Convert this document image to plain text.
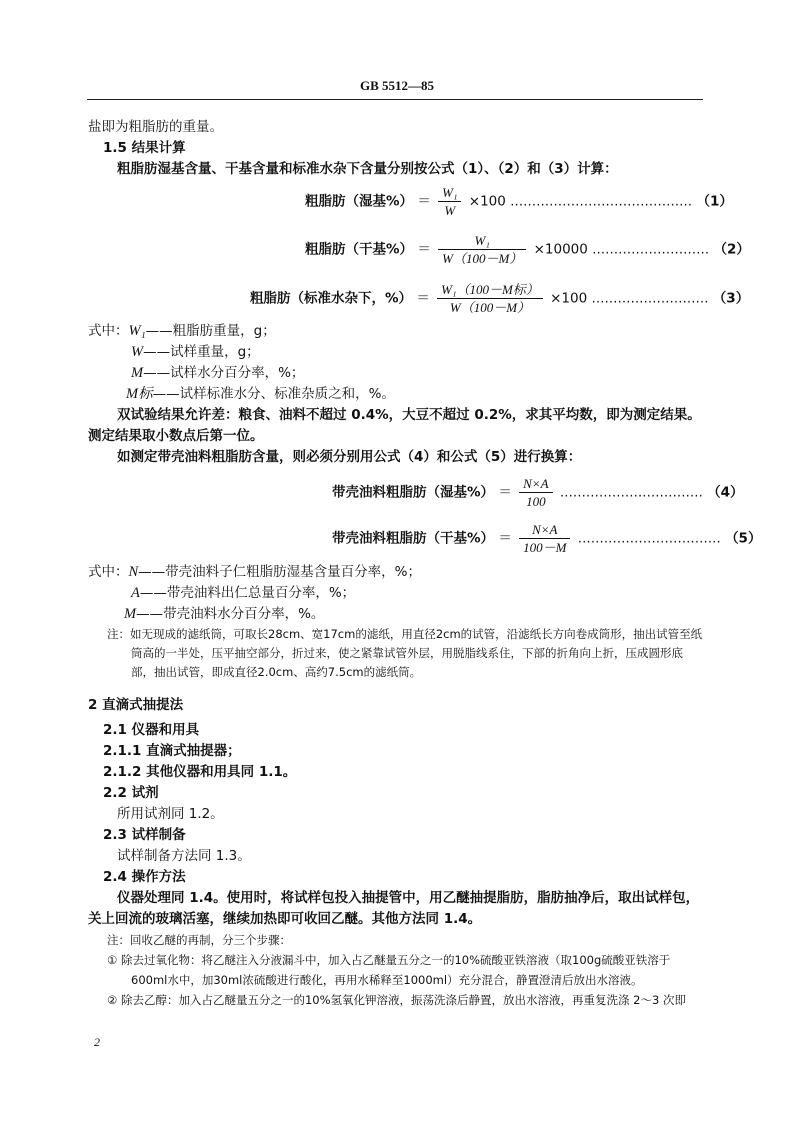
GB 5512—85
盐即为粗脂肪的重量。
1.5 结果计算
粗脂肪湿基含量、干基含量和标准水杂下含量分别按公式（1）、（2）和（3）计算：
粗脂肪（湿基%） ＝ $\frac{\text{W₁}}{W} \times 100$ …………………………………… （1）
粗脂肪（干基%） ＝ $\frac{\text{W₁}}{W(100-M)} \times 10000$ ……………………… （2）
粗脂肪（标准水杂下，%） ＝ $\frac{\text{W₁（100－M标）}}{W(100-M)} \times 100$ ……………………… （3）
式中：W₁——粗脂肪重量，g；
W——试样重量，g；
M——试样水分百分率，%；
M标——试样标准水分、标准杂质之和，%。
双试验结果允许差：粮食、油料不超过 0.4%，大豆不超过 0.2%，求其平均数，即为测定结果。
测定结果取小数点后第一位。
如测定带壳油料粗脂肪含量，则必须分别用公式（4）和公式（5）进行换算：
带壳油料粗脂肪（湿基%） ＝ $\frac{N\times A}{100}$ …………………………… （4）
带壳油料粗脂肪（干基%） ＝ $\frac{N\times A}{100-M}$ …………………………… （5）
式中：N——带壳油料子仁粗脂肪湿基含量百分率，%；
A——带壳油料出仁总量百分率，%；
M——带壳油料水分百分率，%。
注：如无现成的滤纸筒，可取长28cm、宽17cm的滤纸，用直径2cm的试管，沿滤纸长方向卷成筒形，抽出试管至纸
筒高的一半处，压平抽空部分，折过来，使之紧靠试管外层，用脱脂线系住，下部的折角向上折，压成圆形底
部，抽出试管，即成直径2.0cm、高约7.5cm的滤纸筒。
2 直滴式抽提法
2.1 仪器和用具
2.1.1 直滴式抽提器；
2.1.2 其他仪器和用具同 1.1。
2.2 试剂
所用试剂同 1.2。
2.3 试样制备
试样制备方法同 1.3。
2.4 操作方法
仪器处理同 1.4。使用时，将试样包投入抽提管中，用乙醚抽提脂肪，脂肪抽净后，取出试样包，
关上回流的玻璃活塞，继续加热即可收回乙醚。其他方法同 1.4。
注：回收乙醚的再制，分三个步骤：
① 除去过氧化物：将乙醚注入分液漏斗中，加入占乙醚量五分之一的10%硫酸亚铁溶液（取100g硫酸亚铁溶于
600ml水中，加30ml浓硫酸进行酸化，再用水稀释至1000ml）充分混合，静置澄清后放出水溶液。
② 除去乙醇：加入占乙醚量五分之一的10%氢氧化钾溶液，振荡洗涤后静置，放出水溶液，再重复洗涤 2～3 次即
2
